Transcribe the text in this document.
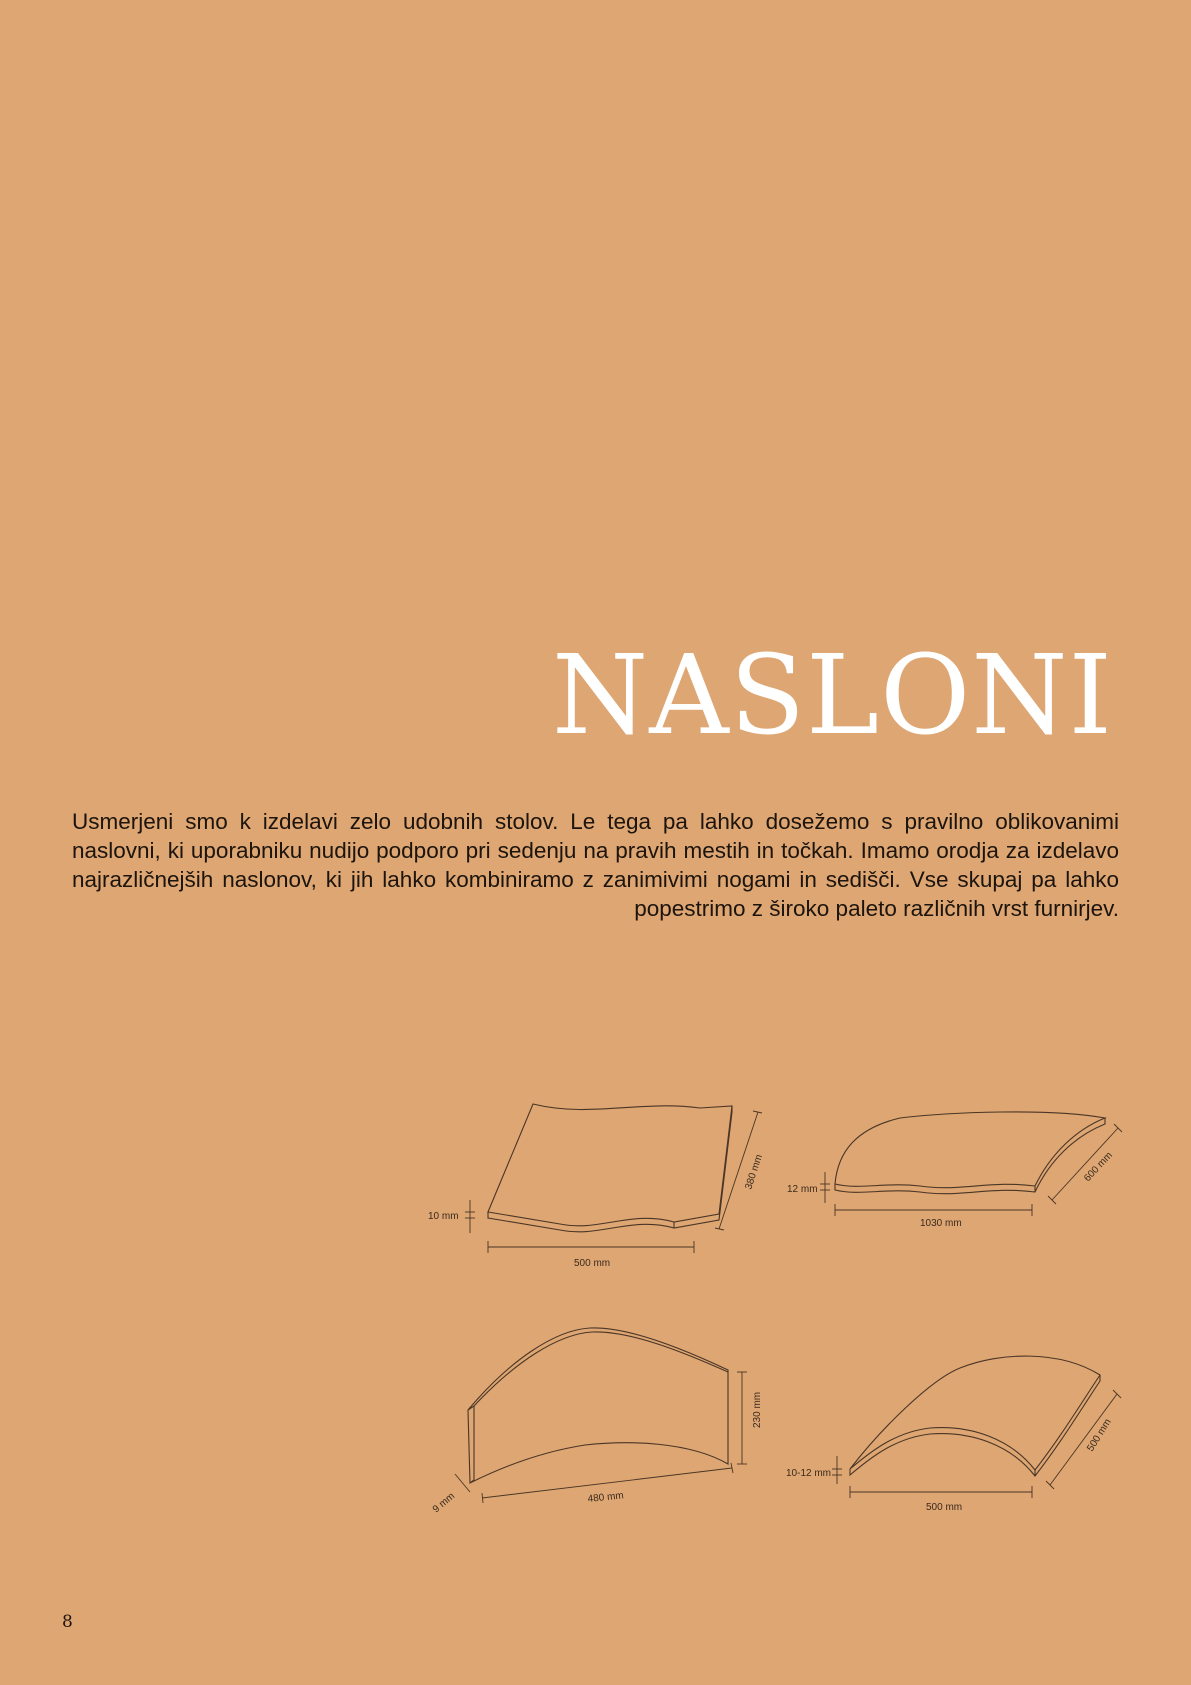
NASLONI

Usmerjeni smo k izdelavi zelo udobnih stolov. Le tega pa lahko dosežemo s pravilno oblikovanimi naslovni, ki uporabniku nudijo podporo pri sedenju na pravih mestih in točkah. Imamo orodja za izdelavo najrazličnejših naslonov, ki jih lahko kombiniramo z zanimivimi nogami in sedišči. Vse skupaj pa lahko popestrimo z široko paleto različnih vrst furnirjev.

500 mm
10 mm
380 mm
1030 mm
12 mm
600 mm
480 mm
230 mm
9 mm	500 mm
10-12 mm
500 mm
8
